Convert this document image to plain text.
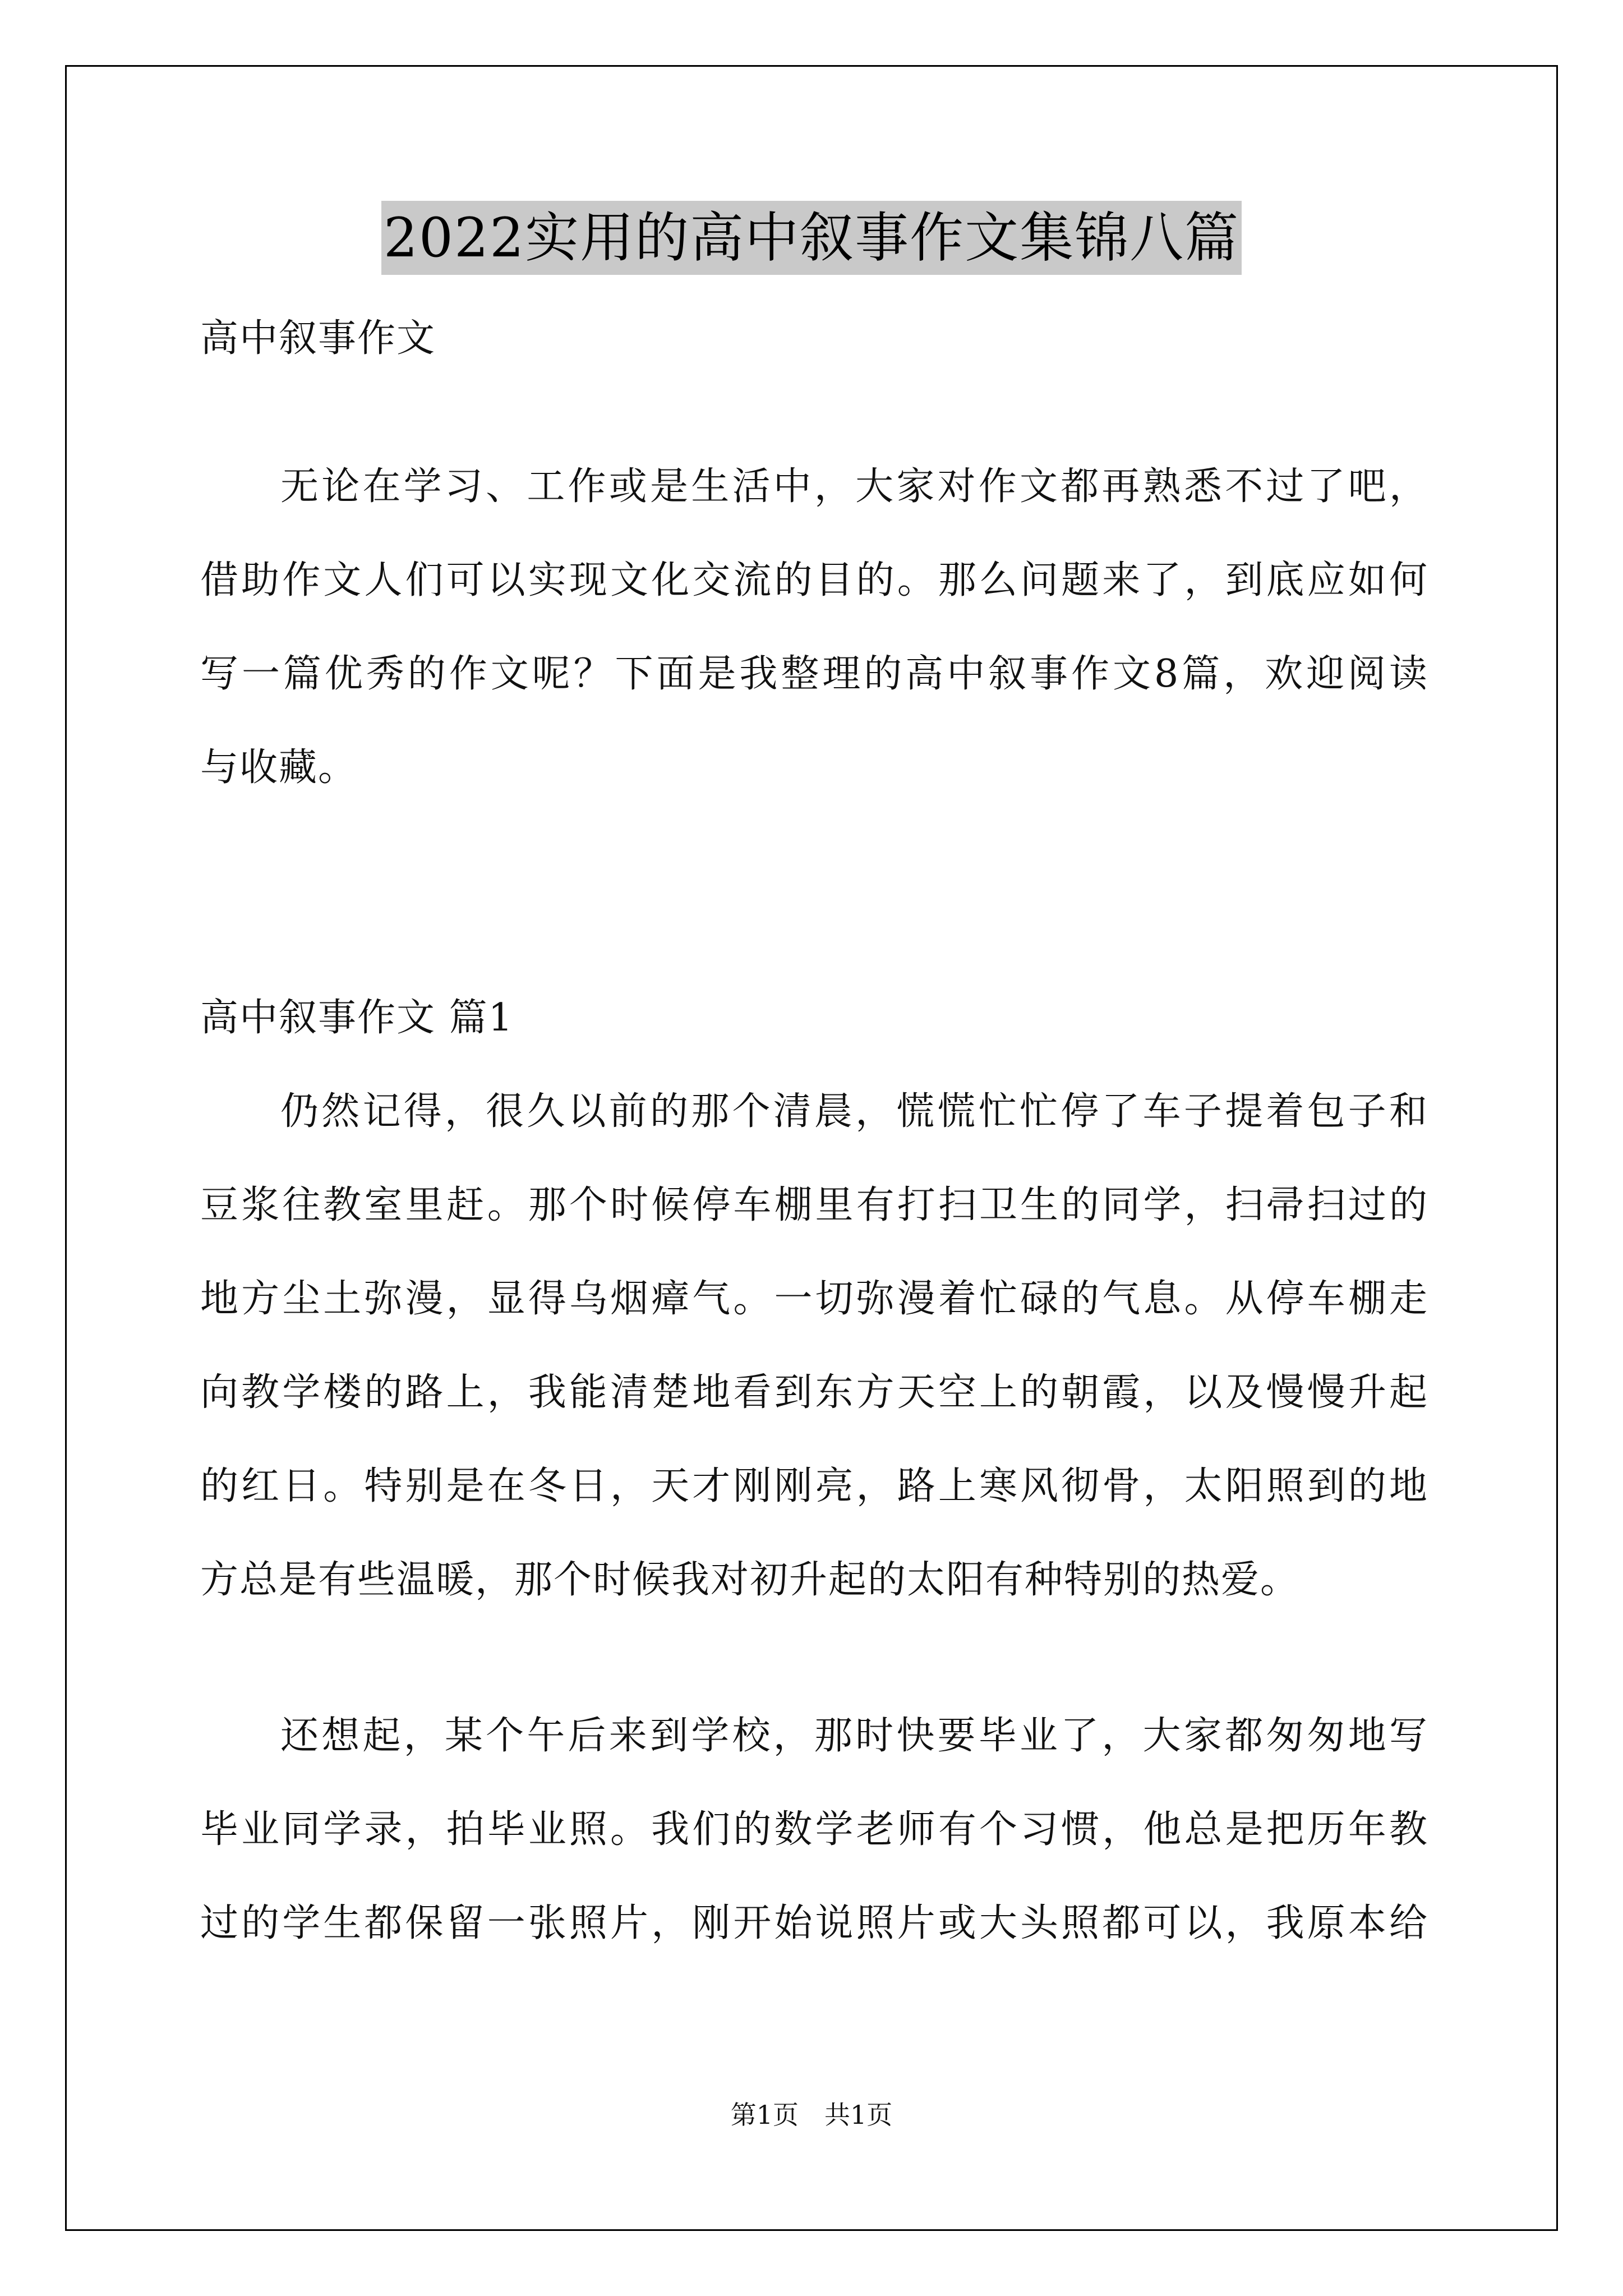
2022实用的高中叙事作文集锦八篇
高中叙事作文
无论在学习、工作或是生活中，大家对作文都再熟悉不过了吧，
借助作文人们可以实现文化交流的目的。那么问题来了，到底应如何
写一篇优秀的作文呢？下面是我整理的高中叙事作文8篇，欢迎阅读
与收藏。
高中叙事作文 篇1
仍然记得，很久以前的那个清晨，慌慌忙忙停了车子提着包子和
豆浆往教室里赶。那个时候停车棚里有打扫卫生的同学，扫帚扫过的
地方尘土弥漫，显得乌烟瘴气。一切弥漫着忙碌的气息。从停车棚走
向教学楼的路上，我能清楚地看到东方天空上的朝霞，以及慢慢升起
的红日。特别是在冬日，天才刚刚亮，路上寒风彻骨，太阳照到的地
方总是有些温暖，那个时候我对初升起的太阳有种特别的热爱。
还想起，某个午后来到学校，那时快要毕业了，大家都匆匆地写
毕业同学录，拍毕业照。我们的数学老师有个习惯，他总是把历年教
过的学生都保留一张照片，刚开始说照片或大头照都可以，我原本给
第1页 共1页
